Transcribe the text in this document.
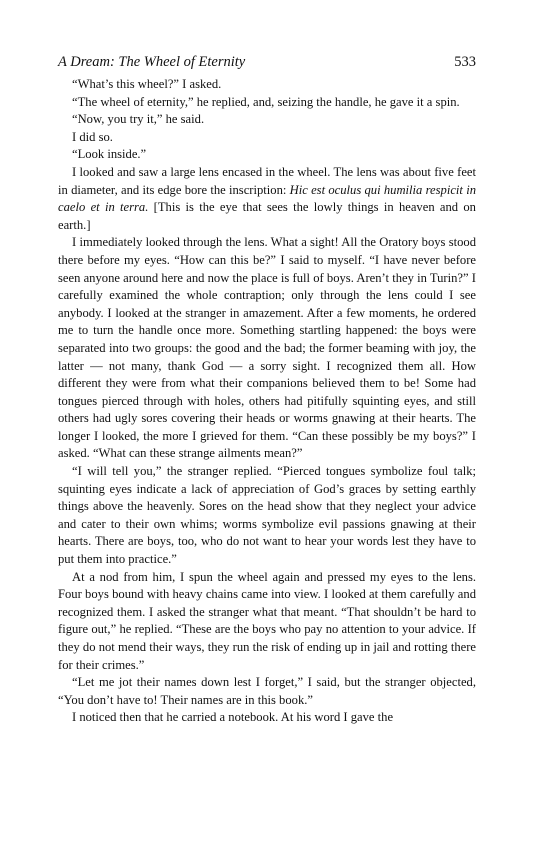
A Dream: The Wheel of Eternity	533

“What’s this wheel?” I asked.

“The wheel of eternity,” he replied, and, seizing the handle, he gave it a spin.

“Now, you try it,” he said.

I did so.

“Look inside.”

I looked and saw a large lens encased in the wheel. The lens was about five feet in diameter, and its edge bore the inscription: Hic est oculus qui humilia respicit in caelo et in terra. [This is the eye that sees the lowly things in heaven and on earth.]

I immediately looked through the lens. What a sight! All the Oratory boys stood there before my eyes. “How can this be?” I said to myself. “I have never before seen anyone around here and now the place is full of boys. Aren’t they in Turin?” I carefully examined the whole contraption; only through the lens could I see anybody. I looked at the stranger in amazement. After a few moments, he ordered me to turn the handle once more. Something startling happened: the boys were separated into two groups: the good and the bad; the former beaming with joy, the latter — not many, thank God — a sorry sight. I recognized them all. How different they were from what their companions believed them to be! Some had tongues pierced through with holes, others had pitifully squinting eyes, and still others had ugly sores covering their heads or worms gnawing at their hearts. The longer I looked, the more I grieved for them. “Can these possibly be my boys?” I asked. “What can these strange ailments mean?”

“I will tell you,” the stranger replied. “Pierced tongues symbolize foul talk; squinting eyes indicate a lack of appreciation of God’s graces by setting earthly things above the heavenly. Sores on the head show that they neglect your advice and cater to their own whims; worms symbolize evil passions gnawing at their hearts. There are boys, too, who do not want to hear your words lest they have to put them into practice.”

At a nod from him, I spun the wheel again and pressed my eyes to the lens. Four boys bound with heavy chains came into view. I looked at them carefully and recognized them. I asked the stranger what that meant. “That shouldn’t be hard to figure out,” he replied. “These are the boys who pay no attention to your advice. If they do not mend their ways, they run the risk of ending up in jail and rotting there for their crimes.”

“Let me jot their names down lest I forget,” I said, but the stranger objected, “You don’t have to! Their names are in this book.”

I noticed then that he carried a notebook. At his word I gave the
